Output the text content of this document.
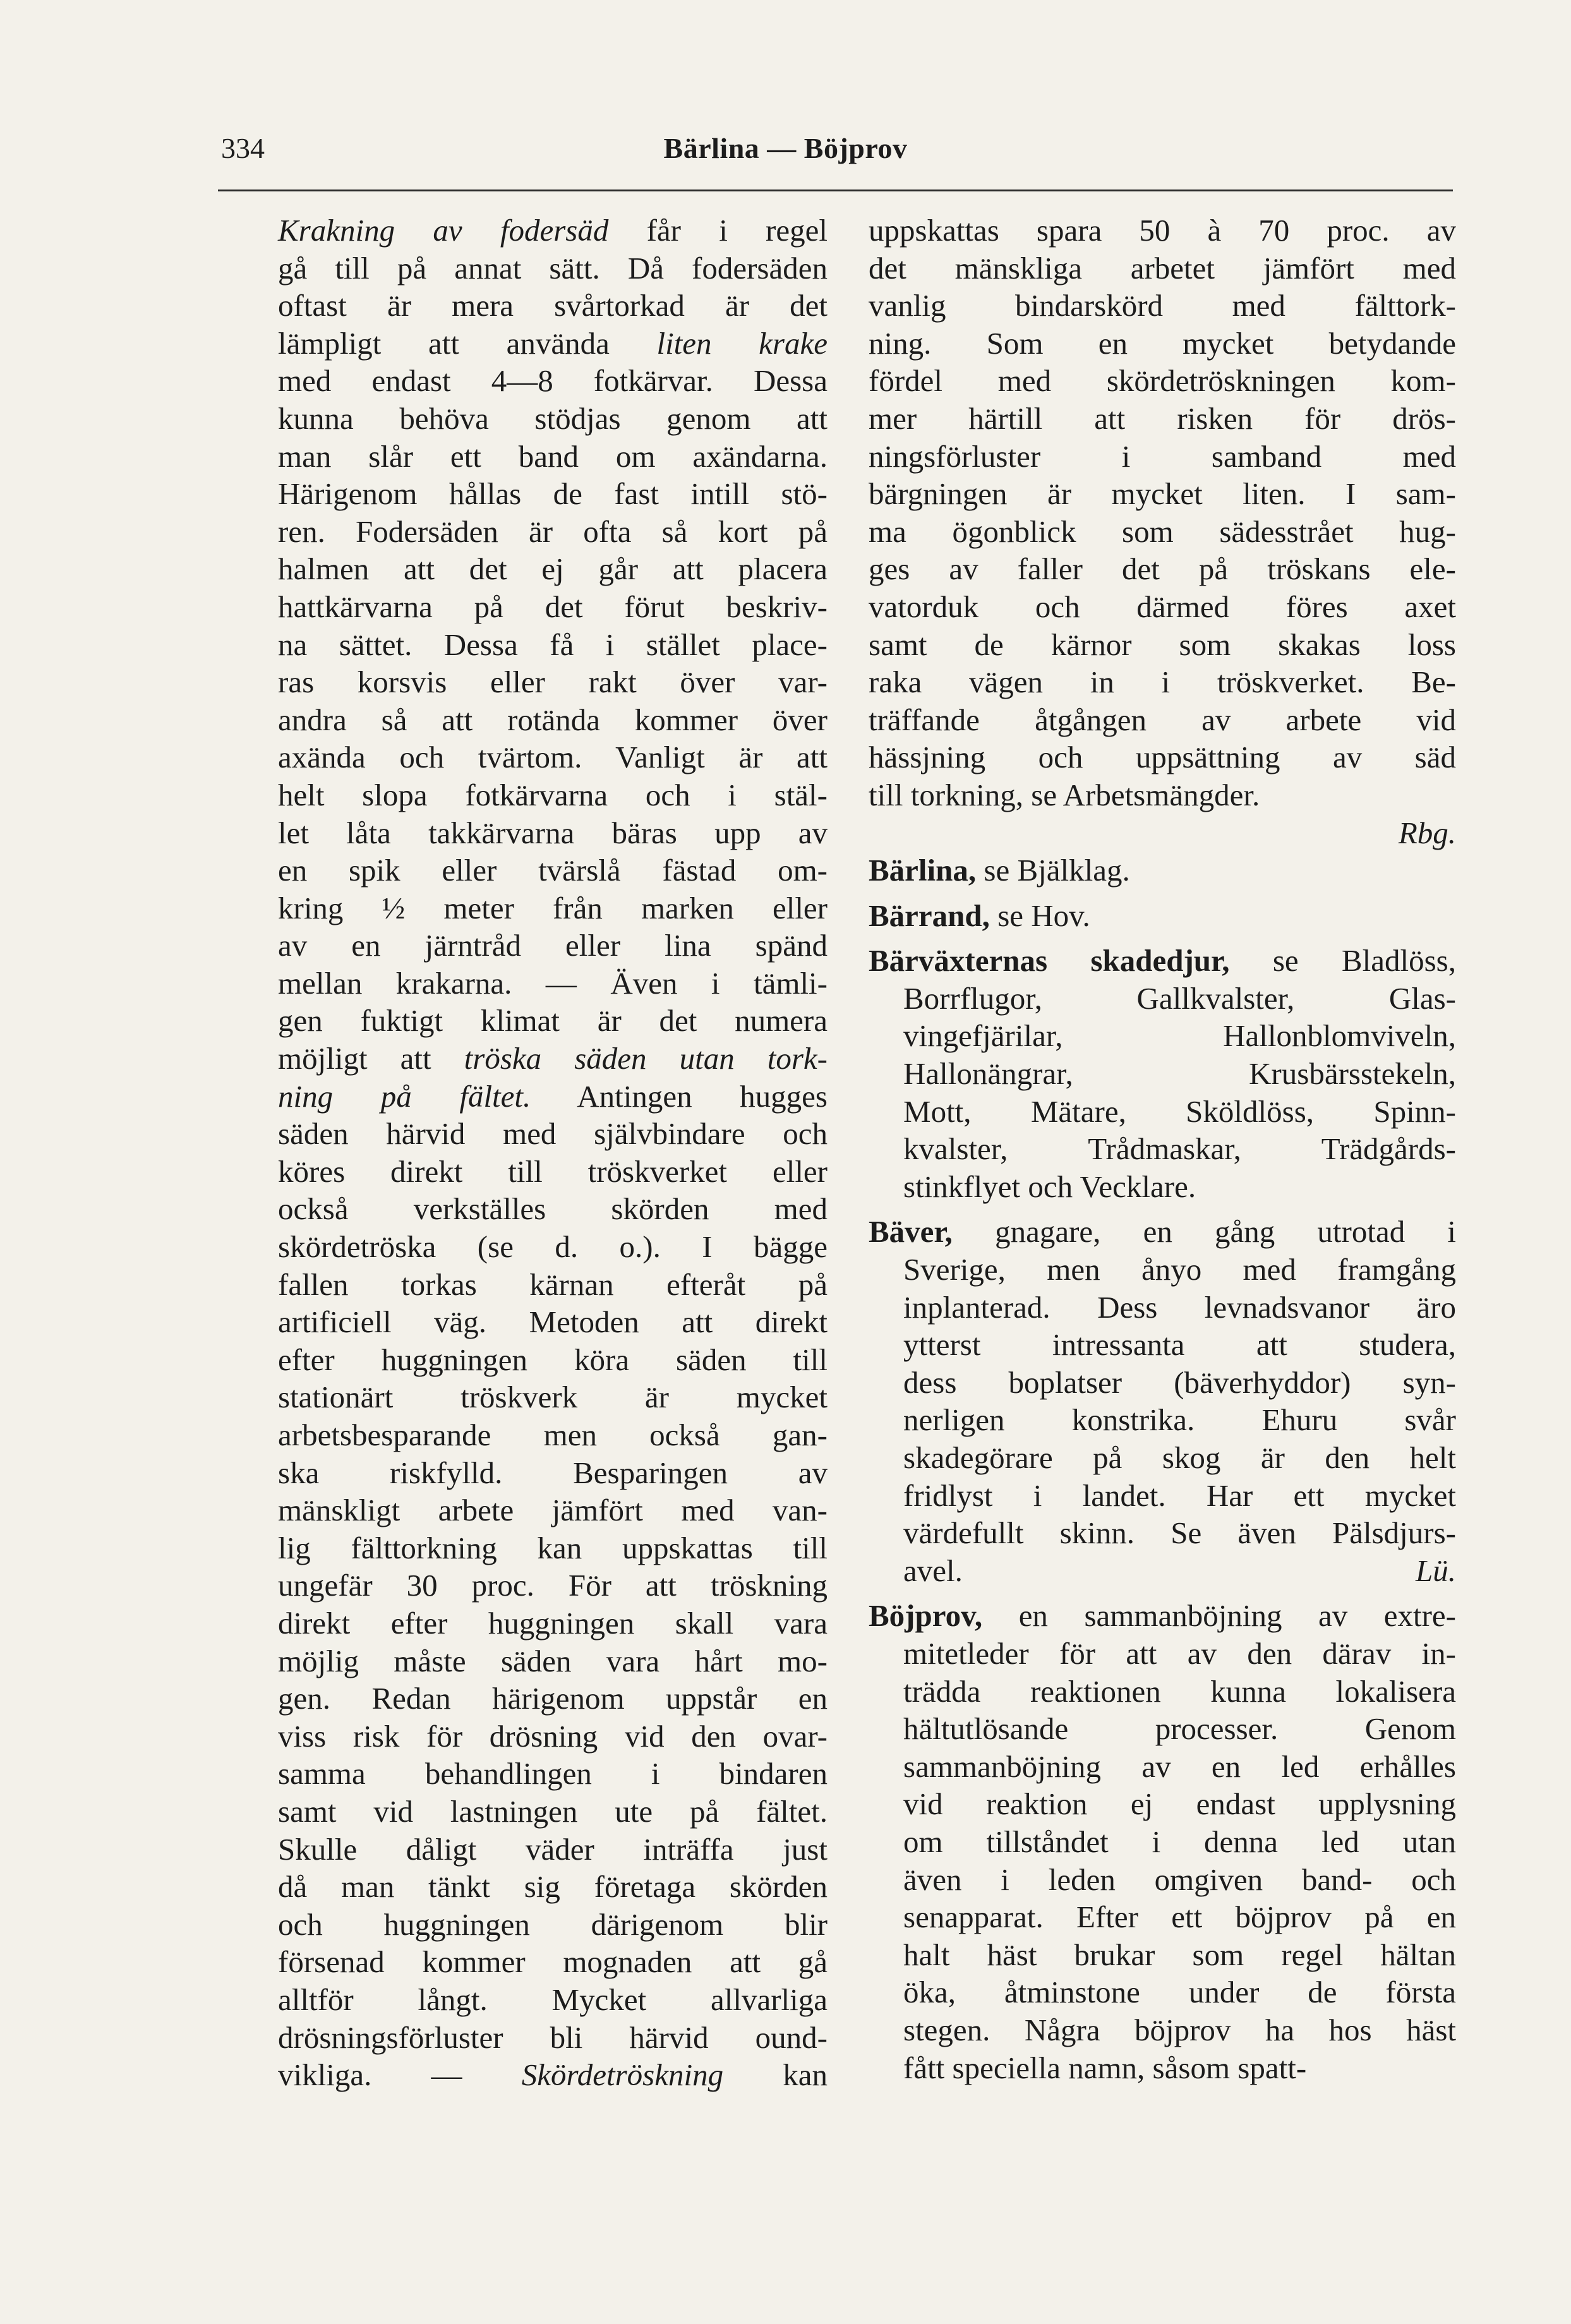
334	Bärlina — Böjprov
Krakning av fodersäd får i regel
gå till på annat sätt. Då fodersäden
oftast är mera svårtorkad är det
lämpligt att använda liten krake
med endast 4—8 fotkärvar. Dessa
kunna behöva stödjas genom att
man slår ett band om axändarna.
Härigenom hållas de fast intill stö-
ren. Fodersäden är ofta så kort på
halmen att det ej går att placera
hattkärvarna på det förut beskriv-
na sättet. Dessa få i stället place-
ras korsvis eller rakt över var-
andra så att rotända kommer över
axända och tvärtom. Vanligt är att
helt slopa fotkärvarna och i stäl-
let låta takkärvarna bäras upp av
en spik eller tvärslå fästad om-
kring ½ meter från marken eller
av en järntråd eller lina spänd
mellan krakarna. — Även i tämli-
gen fuktigt klimat är det numera
möjligt att tröska säden utan tork-
ning på fältet. Antingen hugges
säden härvid med självbindare och
köres direkt till tröskverket eller
också verkställes skörden med
skördetröska (se d. o.). I bägge
fallen torkas kärnan efteråt på
artificiell väg. Metoden att direkt
efter huggningen köra säden till
stationärt tröskverk är mycket
arbetsbesparande men också gan-
ska riskfylld. Besparingen av
mänskligt arbete jämfört med van-
lig fälttorkning kan uppskattas till
ungefär 30 proc. För att tröskning
direkt efter huggningen skall vara
möjlig måste säden vara hårt mo-
gen. Redan härigenom uppstår en
viss risk för drösning vid den ovar-
samma behandlingen i bindaren
samt vid lastningen ute på fältet.
Skulle dåligt väder inträffa just
då man tänkt sig företaga skörden
och huggningen därigenom blir
försenad kommer mognaden att gå
alltför långt. Mycket allvarliga
drösningsförluster bli härvid ound-
vikliga. — Skördetröskning kan
uppskattas spara 50 à 70 proc. av
det mänskliga arbetet jämfört med
vanlig bindarskörd med fälttork-
ning. Som en mycket betydande
fördel med skördetröskningen kom-
mer härtill att risken för drös-
ningsförluster i samband med
bärgningen är mycket liten. I sam-
ma ögonblick som sädesstrået hug-
ges av faller det på tröskans ele-
vatorduk och därmed föres axet
samt de kärnor som skakas loss
raka vägen in i tröskverket. Be-
träffande åtgången av arbete vid
hässjning och uppsättning av säd
till torkning, se Arbetsmängder.
Rbg.
Bärlina, se Bjälklag.
Bärrand, se Hov.
Bärväxternas skadedjur, se Bladlöss,
Borrflugor, Gallkvalster, Glas-
vingefjärilar, Hallonblomviveln,
Hallonängrar, Krusbärsstekeln,
Mott, Mätare, Sköldlöss, Spinn-
kvalster, Trådmaskar, Trädgårds-
stinkflyet och Vecklare.
Bäver, gnagare, en gång utrotad i
Sverige, men ånyo med framgång
inplanterad. Dess levnadsvanor äro
ytterst intressanta att studera,
dess boplatser (bäverhyddor) syn-
nerligen konstrika. Ehuru svår
skadegörare på skog är den helt
fridlyst i landet. Har ett mycket
värdefullt skinn. Se även Pälsdjurs-
avel.	Lü.
Böjprov, en sammanböjning av extre-
mitetleder för att av den därav in-
trädda reaktionen kunna lokalisera
hältutlösande processer. Genom
sammanböjning av en led erhålles
vid reaktion ej endast upplysning
om tillståndet i denna led utan
även i leden omgiven band- och
senapparat. Efter ett böjprov på en
halt häst brukar som regel hältan
öka, åtminstone under de första
stegen. Några böjprov ha hos häst
fått speciella namn, såsom spatt-
